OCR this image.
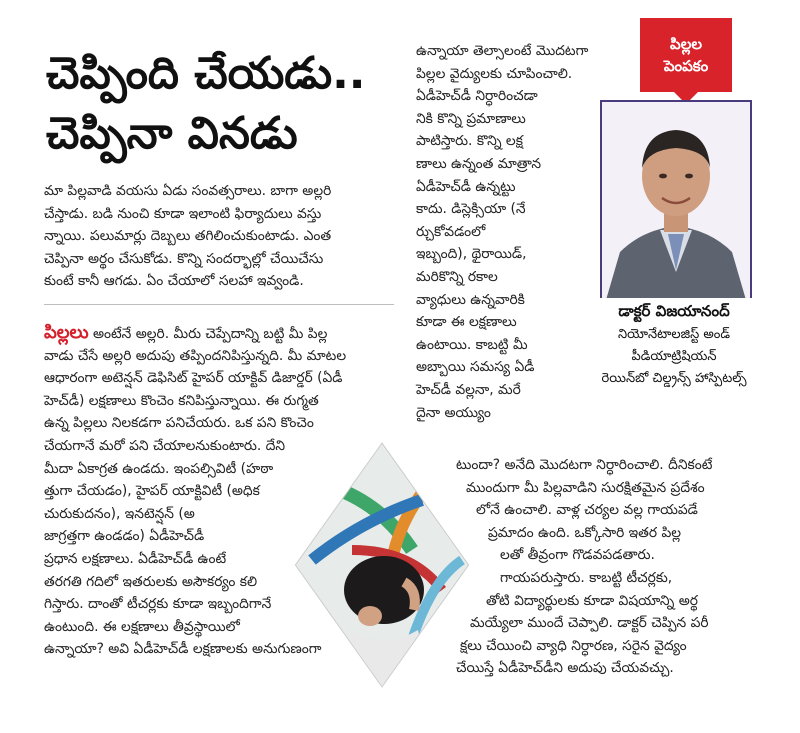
చెప్పింది చేయడు..
చెప్పినా వినడు
మా పిల్లవాడి వయసు ఏడు సంవత్సరాలు. బాగా అల్లరి
చేస్తాడు. బడి నుంచి కూడా ఇలాంటి ఫిర్యాదులు వస్తు
న్నాయి. పలుమార్లు దెబ్బలు తగిలించుకుంటాడు. ఎంత
చెప్పినా అర్థం చేసుకోడు. కొన్ని సందర్భాల్లో చేయిచేసు
కుంటే కానీ ఆగడు. ఏం చేయాలో సలహా ఇవ్వండి.
పిల్లలు అంటేనే అల్లరి. మీరు చెప్పేదాన్ని బట్టి మీ పిల్ల
వాడు చేసే అల్లరి అదుపు తప్పిందనిపిస్తున్నది. మీ మాటల
ఆధారంగా అటెన్షన్ డెఫిసిట్ హైపర్ యాక్టివ్ డిజార్డర్ (ఏడీ
హెచ్‌డీ) లక్షణాలు కొంచెం కనిపిస్తున్నాయి. ఈ రుగ్మత
ఉన్న పిల్లలు నిలకడగా పనిచేయరు. ఒక పని కొంచెం
చేయగానే మరో పని చేయాలనుకుంటారు. దేని
మీదా ఏకాగ్రత ఉండదు. ఇంపల్సివిటీ (హఠా
త్తుగా చేయడం), హైపర్ యాక్టివిటీ (అధిక
చురుకుదనం), ఇనటెన్షన్ (అ
జాగ్రత్తగా ఉండడం) ఏడీహెచ్‌డీ
ప్రధాన లక్షణాలు. ఏడీహెచ్‌డీ ఉంటే
తరగతి గదిలో ఇతరులకు అసౌకర్యం కలి
గిస్తారు. దాంతో టీచర్లకు కూడా ఇబ్బందిగానే
ఉంటుంది. ఈ లక్షణాలు తీవ్రస్థాయిలో
ఉన్నాయా? అవి ఏడీహెచ్‌డీ లక్షణాలకు అనుగుణంగా
ఉన్నాయా తెల్సాలంటే మొదటగా
పిల్లల వైద్యులకు చూపించాలి.
ఏడీహెచ్‌డీ నిర్ధారించడా
నికి కొన్ని ప్రమాణాలు
పాటిస్తారు. కొన్ని లక్ష
ణాలు ఉన్నంత మాత్రాన
ఏడీహెచ్‌డీ ఉన్నట్టు
కాదు. డిస్లెక్సియా (నే
ర్చుకోవడంలో
ఇబ్బంది), థైరాయిడ్,
మరికొన్ని రకాల
వ్యాధులు ఉన్నవారికి
కూడా ఈ లక్షణాలు
ఉంటాయి. కాబట్టి మీ
అబ్బాయి సమస్య ఏడీ
హెచ్‌డీ వల్లనా, మరే
దైనా అయ్యుం
పిల్లల
పెంపకం
డాక్టర్ విజయానంద్
నియోనేటాలజిస్ట్ అండ్
పీడియాట్రిషియన్
రెయిన్‌బో చిల్డ్రన్స్ హాస్పిటల్స్
టుందా? అనేది మొదటగా నిర్ధారించాలి. దీనికంటే
ముందుగా మీ పిల్లవాడిని సురక్షితమైన ప్రదేశం
లోనే ఉంచాలి. వాళ్ల చర్యల వల్ల గాయపడే
ప్రమాదం ఉంది. ఒక్కోసారి ఇతర పిల్ల
లతో తీవ్రంగా గొడవపడతారు.
గాయపరుస్తారు. కాబట్టి టీచర్లకు,
తోటి విద్యార్థులకు కూడా విషయాన్ని అర్థ
మయ్యేలా ముందే చెప్పాలి. డాక్టర్ చెప్పిన పరీ
క్షలు చేయించి వ్యాధి నిర్ధారణ, సరైన వైద్యం
చేయిస్తే ఏడీహెచ్‌డీని అదుపు చేయవచ్చు.
